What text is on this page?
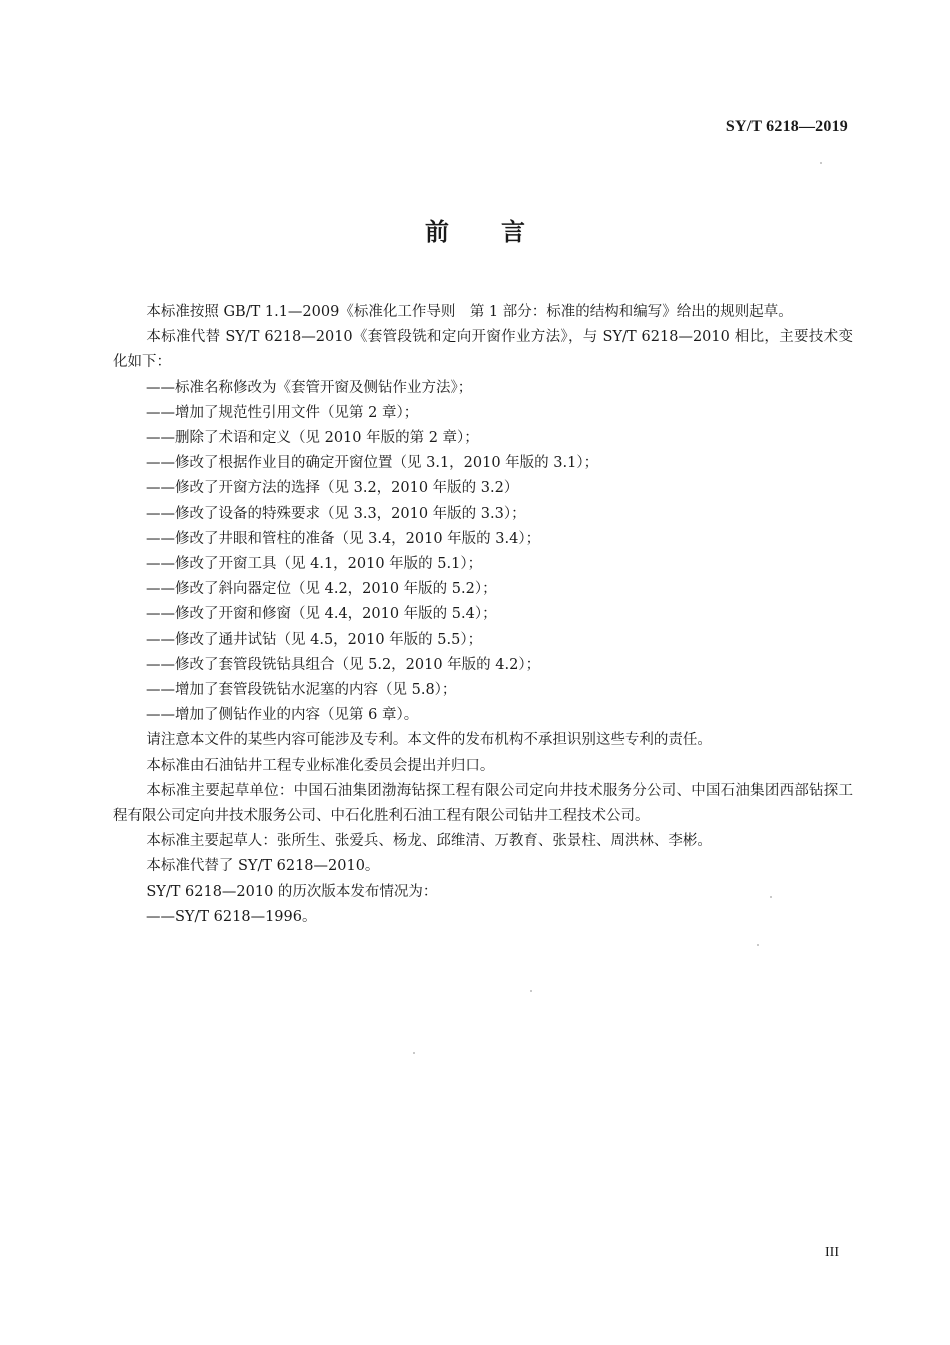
SY/T 6218—2019
前 言

本标准按照 GB/T 1.1—2009《标准化工作导则　第 1 部分：标准的结构和编写》给出的规则起草。

本标准代替 SY/T 6218—2010《套管段铣和定向开窗作业方法》，与 SY/T 6218—2010 相比，主要技术变化如下：

——标准名称修改为《套管开窗及侧钻作业方法》；

——增加了规范性引用文件（见第 2 章）；

——删除了术语和定义（见 2010 年版的第 2 章）；

——修改了根据作业目的确定开窗位置（见 3.1，2010 年版的 3.1）；

——修改了开窗方法的选择（见 3.2，2010 年版的 3.2）

——修改了设备的特殊要求（见 3.3，2010 年版的 3.3）；

——修改了井眼和管柱的准备（见 3.4，2010 年版的 3.4）；

——修改了开窗工具（见 4.1，2010 年版的 5.1）；

——修改了斜向器定位（见 4.2，2010 年版的 5.2）；

——修改了开窗和修窗（见 4.4，2010 年版的 5.4）；

——修改了通井试钻（见 4.5，2010 年版的 5.5）；

——修改了套管段铣钻具组合（见 5.2，2010 年版的 4.2）；

——增加了套管段铣钻水泥塞的内容（见 5.8）；

——增加了侧钻作业的内容（见第 6 章）。

请注意本文件的某些内容可能涉及专利。本文件的发布机构不承担识别这些专利的责任。

本标准由石油钻井工程专业标准化委员会提出并归口。

本标准主要起草单位：中国石油集团渤海钻探工程有限公司定向井技术服务分公司、中国石油集团西部钻探工程有限公司定向井技术服务公司、中石化胜利石油工程有限公司钻井工程技术公司。

本标准主要起草人：张所生、张爱兵、杨龙、邱维清、万教育、张景柱、周洪林、李彬。

本标准代替了 SY/T 6218—2010。

SY/T 6218—2010 的历次版本发布情况为：

——SY/T 6218—1996。

III
